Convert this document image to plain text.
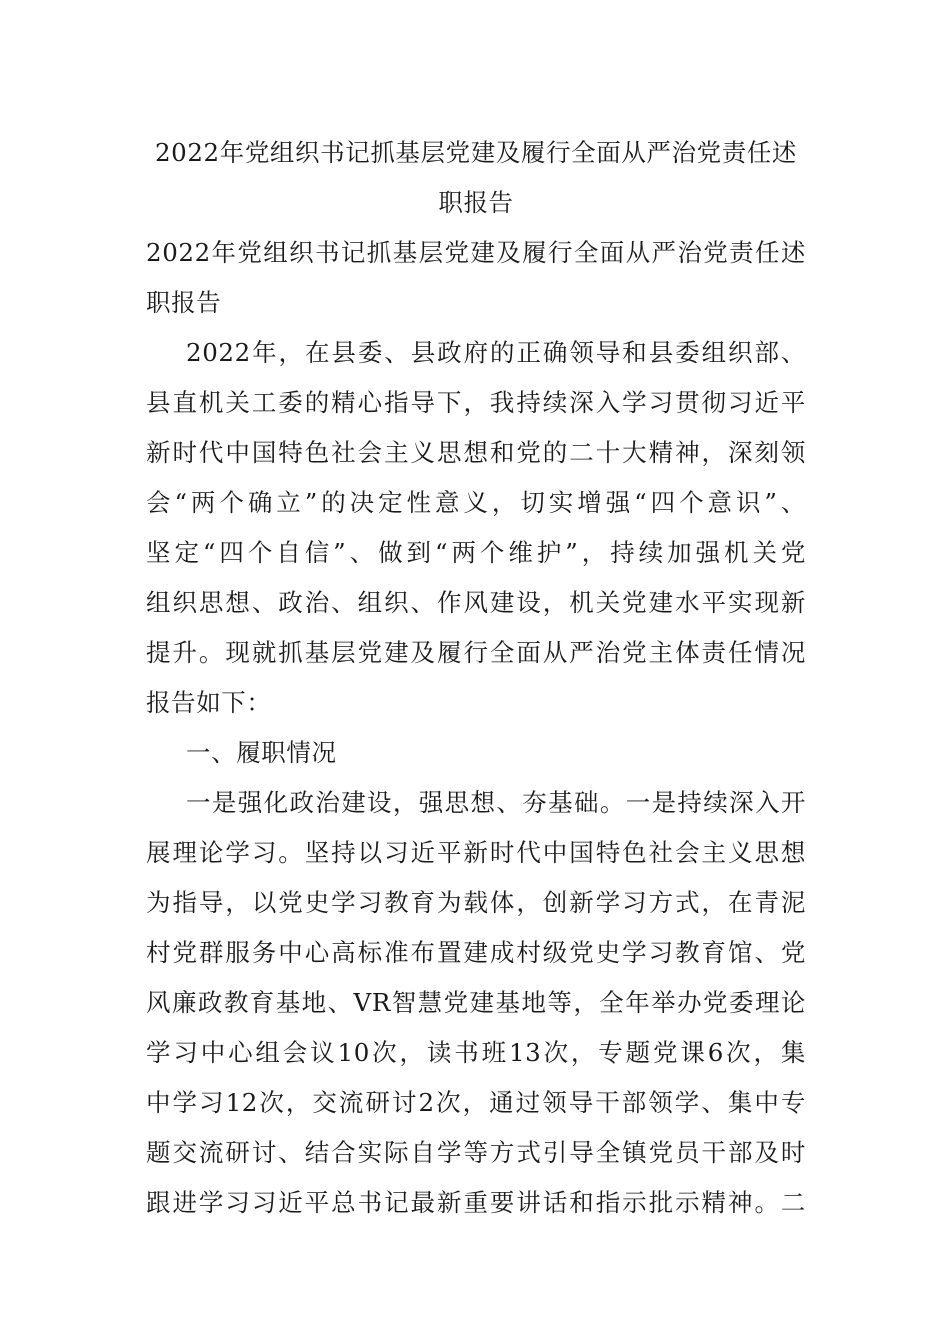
2022年党组织书记抓基层党建及履行全面从严治党责任述
职报告
2022年党组织书记抓基层党建及履行全面从严治党责任述
职报告
2022年，在县委、县政府的正确领导和县委组织部、
县直机关工委的精心指导下，我持续深入学习贯彻习近平
新时代中国特色社会主义思想和党的二十大精神，深刻领
会“两个确立”的决定性意义，切实增强“四个意识”、
坚定“四个自信”、做到“两个维护”，持续加强机关党
组织思想、政治、组织、作风建设，机关党建水平实现新
提升。现就抓基层党建及履行全面从严治党主体责任情况
报告如下：
一、履职情况
一是强化政治建设，强思想、夯基础。一是持续深入开
展理论学习。坚持以习近平新时代中国特色社会主义思想
为指导，以党史学习教育为载体，创新学习方式，在青泥
村党群服务中心高标准布置建成村级党史学习教育馆、党
风廉政教育基地、VR智慧党建基地等，全年举办党委理论
学习中心组会议10次，读书班13次，专题党课6次，集
中学习12次，交流研讨2次，通过领导干部领学、集中专
题交流研讨、结合实际自学等方式引导全镇党员干部及时
跟进学习习近平总书记最新重要讲话和指示批示精神。二
